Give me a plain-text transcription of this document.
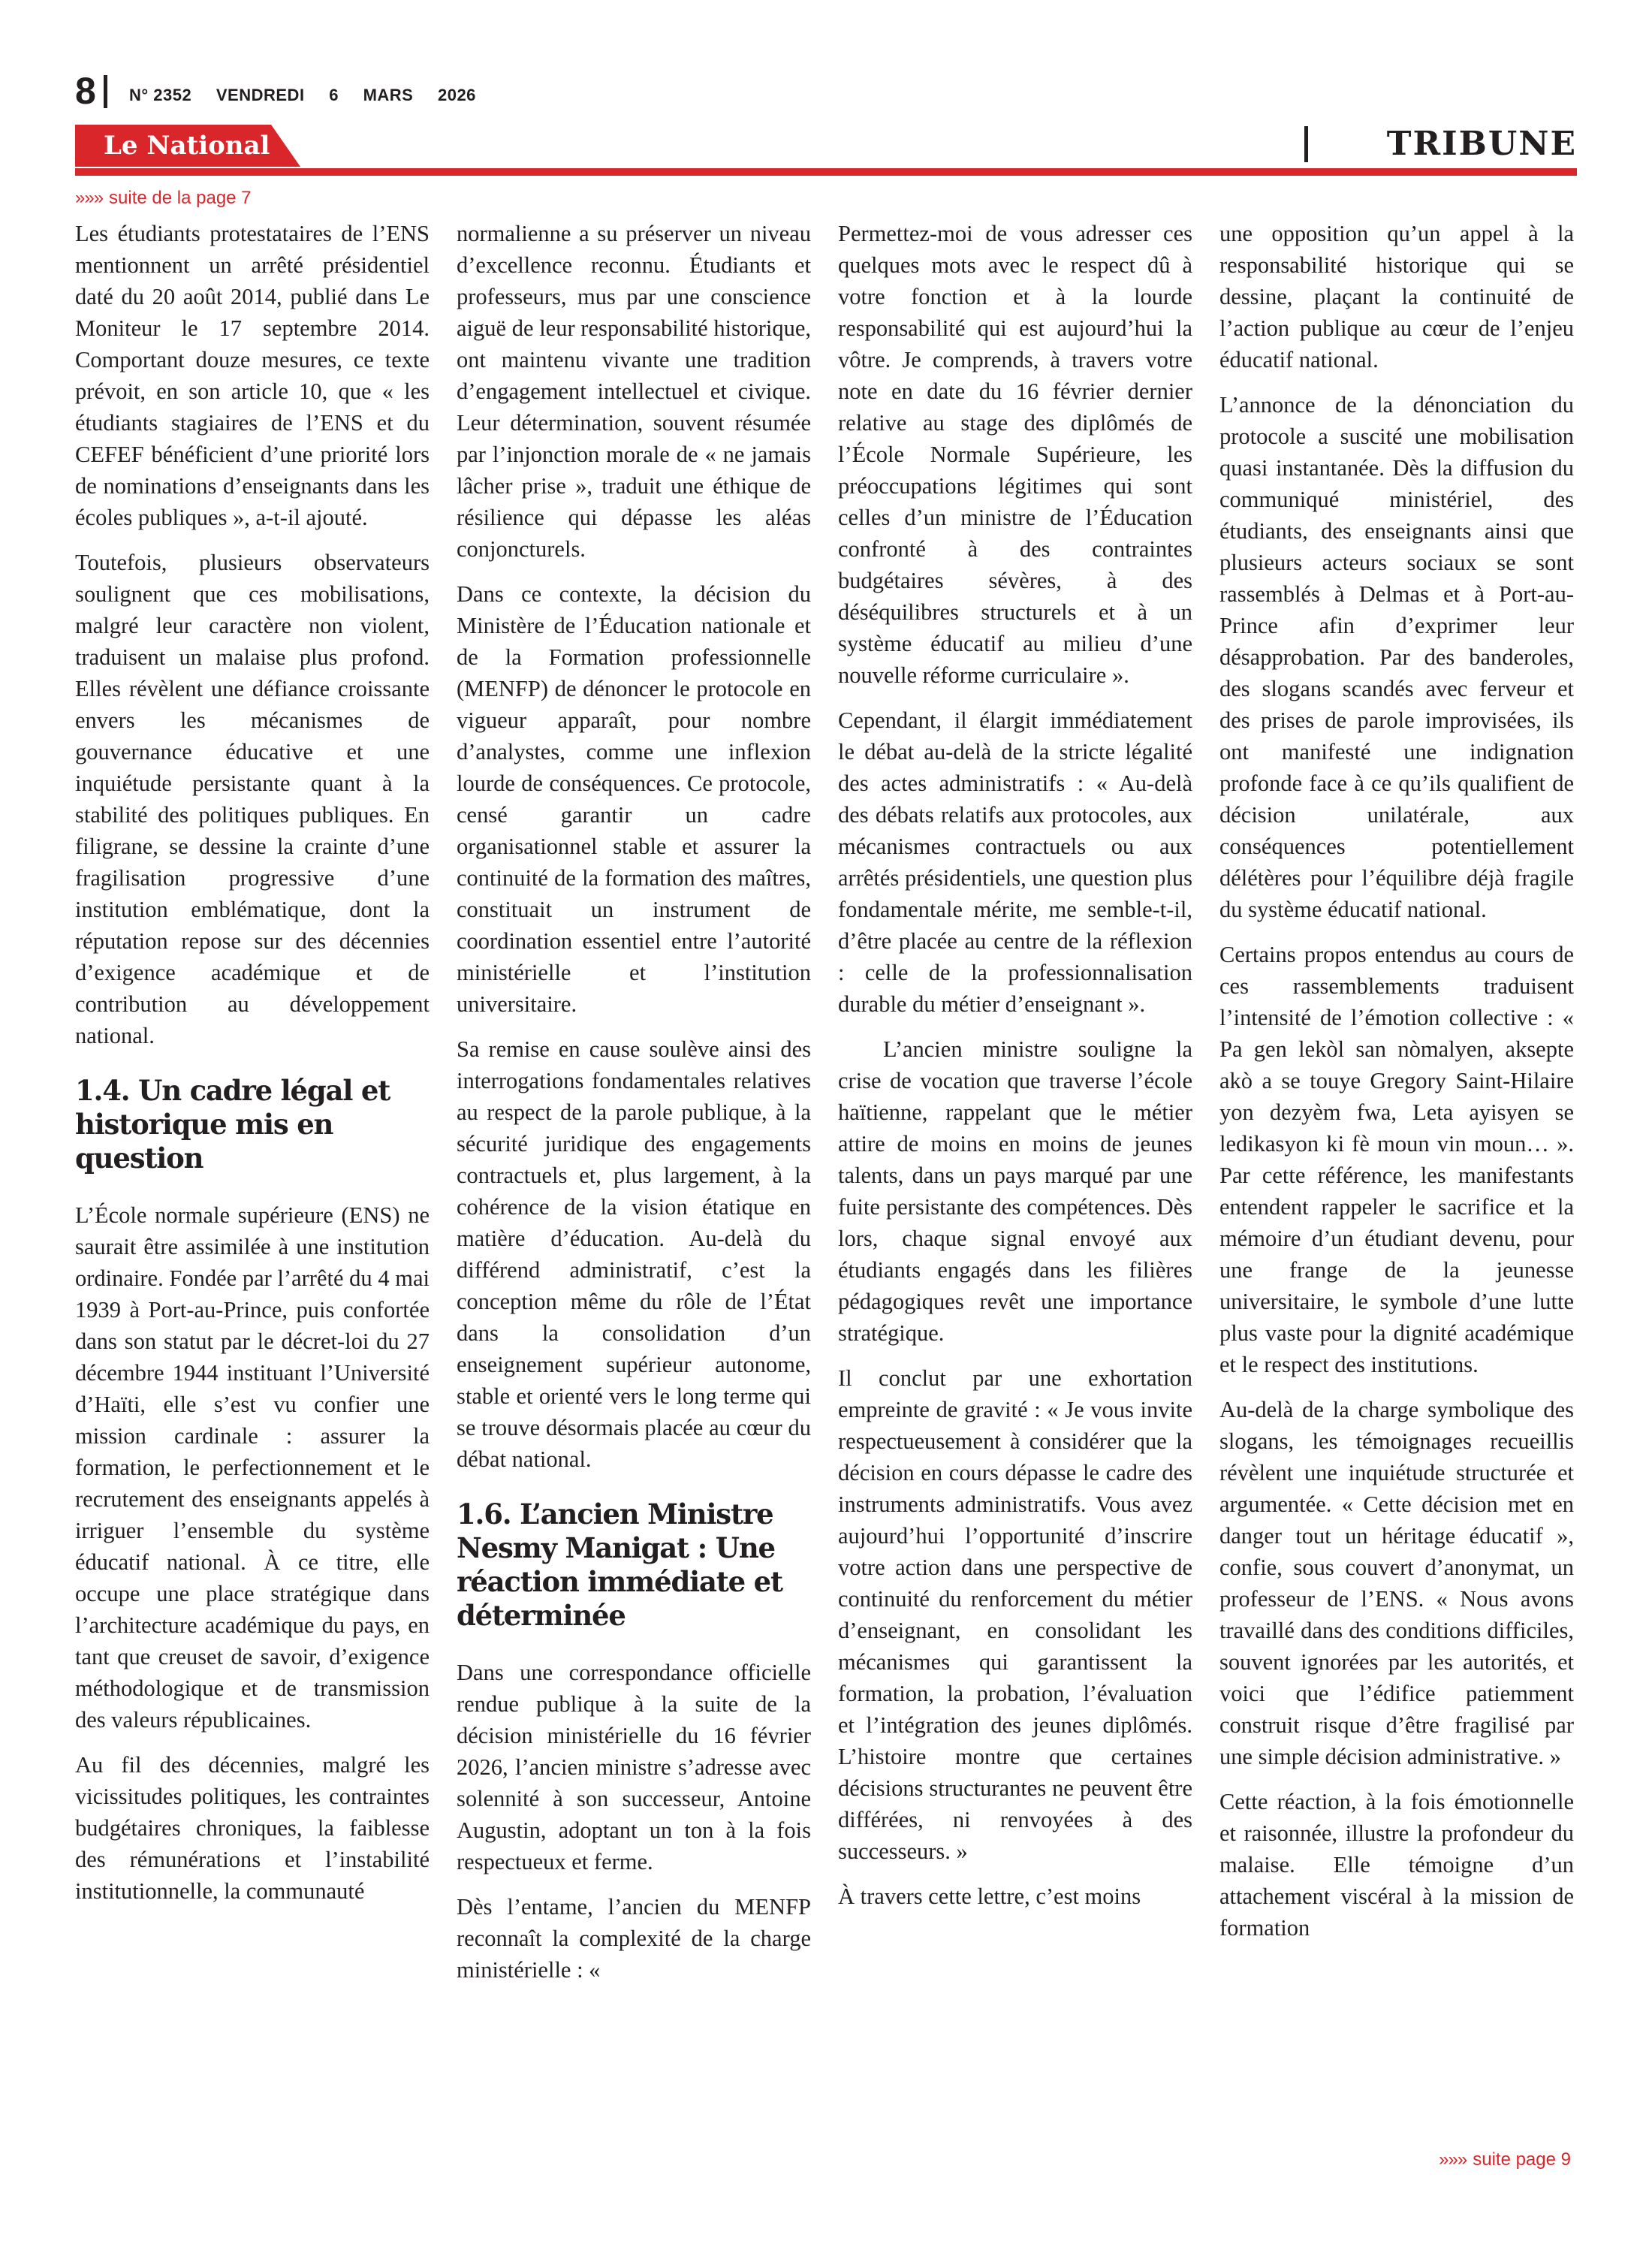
8 N° 2352 VENDREDI 6 MARS 2026
Le National	TRIBUNE
»»» suite de la page 7

Les étudiants protestataires de l’ENS mentionnent un arrêté présidentiel daté du 20 août 2014, publié dans Le Moniteur le 17 septembre 2014. Comportant douze mesures, ce texte prévoit, en son article 10, que « les étudiants stagiaires de l’ENS et du CEFEF bénéficient d’une priorité lors de nominations d’enseignants dans les écoles publiques », a-t-il ajouté.

Toutefois, plusieurs observateurs soulignent que ces mobilisations, malgré leur caractère non violent, traduisent un malaise plus profond. Elles révèlent une défiance croissante envers les mécanismes de gouvernance éducative et une inquiétude persistante quant à la stabilité des politiques publiques. En filigrane, se dessine la crainte d’une fragilisation progressive d’une institution emblématique, dont la réputation repose sur des décennies d’exigence académique et de contribution au développement national.

1.4. Un cadre légal et historique mis en question

L’École normale supérieure (ENS) ne saurait être assimilée à une institution ordinaire. Fondée par l’arrêté du 4 mai 1939 à Port-au-Prince, puis confortée dans son statut par le décret-loi du 27 décembre 1944 instituant l’Université d’Haïti, elle s’est vu confier une mission cardinale : assurer la formation, le perfectionnement et le recrutement des enseignants appelés à irriguer l’ensemble du système éducatif national. À ce titre, elle occupe une place stratégique dans l’architecture académique du pays, en tant que creuset de savoir, d’exigence méthodologique et de transmission des valeurs républicaines.

Au fil des décennies, malgré les vicissitudes politiques, les contraintes budgétaires chroniques, la faiblesse des rémunérations et l’instabilité institutionnelle, la communauté

normalienne a su préserver un niveau d’excellence reconnu. Étudiants et professeurs, mus par une conscience aiguë de leur responsabilité historique, ont maintenu vivante une tradition d’engagement intellectuel et civique. Leur détermination, souvent résumée par l’injonction morale de « ne jamais lâcher prise », traduit une éthique de résilience qui dépasse les aléas conjoncturels.

Dans ce contexte, la décision du Ministère de l’Éducation nationale et de la Formation professionnelle (MENFP) de dénoncer le protocole en vigueur apparaît, pour nombre d’analystes, comme une inflexion lourde de conséquences. Ce protocole, censé garantir un cadre organisationnel stable et assurer la continuité de la formation des maîtres, constituait un instrument de coordination essentiel entre l’autorité ministérielle et l’institution universitaire.

Sa remise en cause soulève ainsi des interrogations fondamentales relatives au respect de la parole publique, à la sécurité juridique des engagements contractuels et, plus largement, à la cohérence de la vision étatique en matière d’éducation. Au-delà du différend administratif, c’est la conception même du rôle de l’État dans la consolidation d’un enseignement supérieur autonome, stable et orienté vers le long terme qui se trouve désormais placée au cœur du débat national.

1.6. L’ancien Ministre Nesmy Manigat : Une réaction immédiate et déterminée

Dans une correspondance officielle rendue publique à la suite de la décision ministérielle du 16 février 2026, l’ancien ministre s’adresse avec solennité à son successeur, Antoine Augustin, adoptant un ton à la fois respectueux et ferme.

Dès l’entame, l’ancien du MENFP reconnaît la complexité de la charge ministérielle : «

Permettez-moi de vous adresser ces quelques mots avec le respect dû à votre fonction et à la lourde responsabilité qui est aujourd’hui la vôtre. Je comprends, à travers votre note en date du 16 février dernier relative au stage des diplômés de l’École Normale Supérieure, les préoccupations légitimes qui sont celles d’un ministre de l’Éducation confronté à des contraintes budgétaires sévères, à des déséquilibres structurels et à un système éducatif au milieu d’une nouvelle réforme curriculaire ».

Cependant, il élargit immédiatement le débat au-delà de la stricte légalité des actes administratifs : « Au-delà des débats relatifs aux protocoles, aux mécanismes contractuels ou aux arrêtés présidentiels, une question plus fondamentale mérite, me semble-t-il, d’être placée au centre de la réflexion : celle de la professionnalisation durable du métier d’enseignant ».

L’ancien ministre souligne la crise de vocation que traverse l’école haïtienne, rappelant que le métier attire de moins en moins de jeunes talents, dans un pays marqué par une fuite persistante des compétences. Dès lors, chaque signal envoyé aux étudiants engagés dans les filières pédagogiques revêt une importance stratégique.

Il conclut par une exhortation empreinte de gravité : « Je vous invite respectueusement à considérer que la décision en cours dépasse le cadre des instruments administratifs. Vous avez aujourd’hui l’opportunité d’inscrire votre action dans une perspective de continuité du renforcement du métier d’enseignant, en consolidant les mécanismes qui garantissent la formation, la probation, l’évaluation et l’intégration des jeunes diplômés. L’histoire montre que certaines décisions structurantes ne peuvent être différées, ni renvoyées à des successeurs. »

À travers cette lettre, c’est moins

une opposition qu’un appel à la responsabilité historique qui se dessine, plaçant la continuité de l’action publique au cœur de l’enjeu éducatif national.

L’annonce de la dénonciation du protocole a suscité une mobilisation quasi instantanée. Dès la diffusion du communiqué ministériel, des étudiants, des enseignants ainsi que plusieurs acteurs sociaux se sont rassemblés à Delmas et à Port-au-Prince afin d’exprimer leur désapprobation. Par des banderoles, des slogans scandés avec ferveur et des prises de parole improvisées, ils ont manifesté une indignation profonde face à ce qu’ils qualifient de décision unilatérale, aux conséquences potentiellement délétères pour l’équilibre déjà fragile du système éducatif national.

Certains propos entendus au cours de ces rassemblements traduisent l’intensité de l’émotion collective : « Pa gen lekòl san nòmalyen, aksepte akò a se touye Gregory Saint-Hilaire yon dezyèm fwa, Leta ayisyen se ledikasyon ki fè moun vin moun… ». Par cette référence, les manifestants entendent rappeler le sacrifice et la mémoire d’un étudiant devenu, pour une frange de la jeunesse universitaire, le symbole d’une lutte plus vaste pour la dignité académique et le respect des institutions.

Au-delà de la charge symbolique des slogans, les témoignages recueillis révèlent une inquiétude structurée et argumentée. « Cette décision met en danger tout un héritage éducatif », confie, sous couvert d’anonymat, un professeur de l’ENS. « Nous avons travaillé dans des conditions difficiles, souvent ignorées par les autorités, et voici que l’édifice patiemment construit risque d’être fragilisé par une simple décision administrative. »

Cette réaction, à la fois émotionnelle et raisonnée, illustre la profondeur du malaise. Elle témoigne d’un attachement viscéral à la mission de formation

»»» suite page 9
